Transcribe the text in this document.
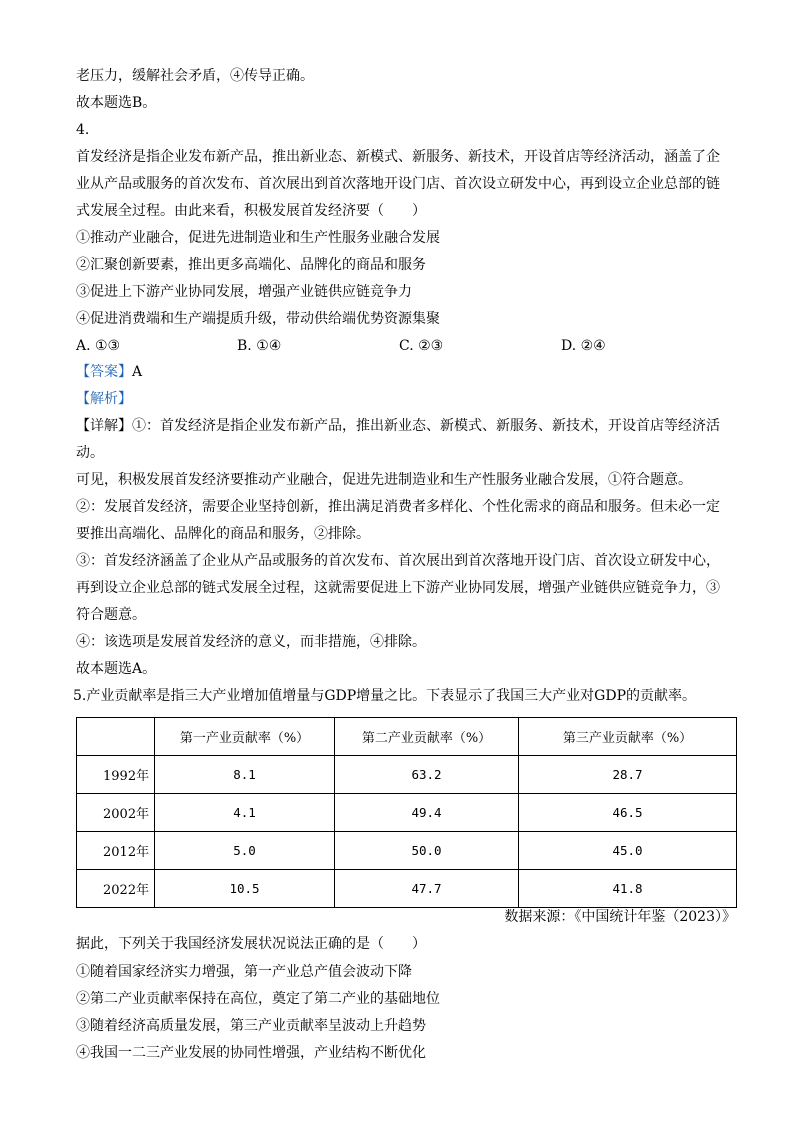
老压力，缓解社会矛盾，④传导正确。
故本题选B。
4.
首发经济是指企业发布新产品，推出新业态、新模式、新服务、新技术，开设首店等经济活动，涵盖了企
业从产品或服务的首次发布、首次展出到首次落地开设门店、首次设立研发中心，再到设立企业总部的链
式发展全过程。由此来看，积极发展首发经济要（　　）
①推动产业融合，促进先进制造业和生产性服务业融合发展
②汇聚创新要素，推出更多高端化、品牌化的商品和服务
③促进上下游产业协同发展，增强产业链供应链竞争力
④促进消费端和生产端提质升级，带动供给端优势资源集聚
A. ①③	B. ①④	C. ②③	D. ②④
【答案】A
【解析】
【详解】①：首发经济是指企业发布新产品，推出新业态、新模式、新服务、新技术，开设首店等经济活
动。
可见，积极发展首发经济要推动产业融合，促进先进制造业和生产性服务业融合发展，①符合题意。
②：发展首发经济，需要企业坚持创新，推出满足消费者多样化、个性化需求的商品和服务。但未必一定
要推出高端化、品牌化的商品和服务，②排除。
③：首发经济涵盖了企业从产品或服务的首次发布、首次展出到首次落地开设门店、首次设立研发中心，
再到设立企业总部的链式发展全过程，这就需要促进上下游产业协同发展，增强产业链供应链竞争力，③
符合题意。
④：该选项是发展首发经济的意义，而非措施，④排除。
故本题选A。
5.产业贡献率是指三大产业增加值增量与GDP增量之比。下表显示了我国三大产业对GDP的贡献率。
	第一产业贡献率（%）	第二产业贡献率（%）	第三产业贡献率（%）
1992年	8.1	63.2	28.7
2002年	4.1	49.4	46.5
2012年	5.0	50.0	45.0
2022年	10.5	47.7	41.8
数据来源：《中国统计年鉴（2023）》
据此，下列关于我国经济发展状况说法正确的是（　　）
①随着国家经济实力增强，第一产业总产值会波动下降
②第二产业贡献率保持在高位，奠定了第二产业的基础地位
③随着经济高质量发展，第三产业贡献率呈波动上升趋势
④我国一二三产业发展的协同性增强，产业结构不断优化
